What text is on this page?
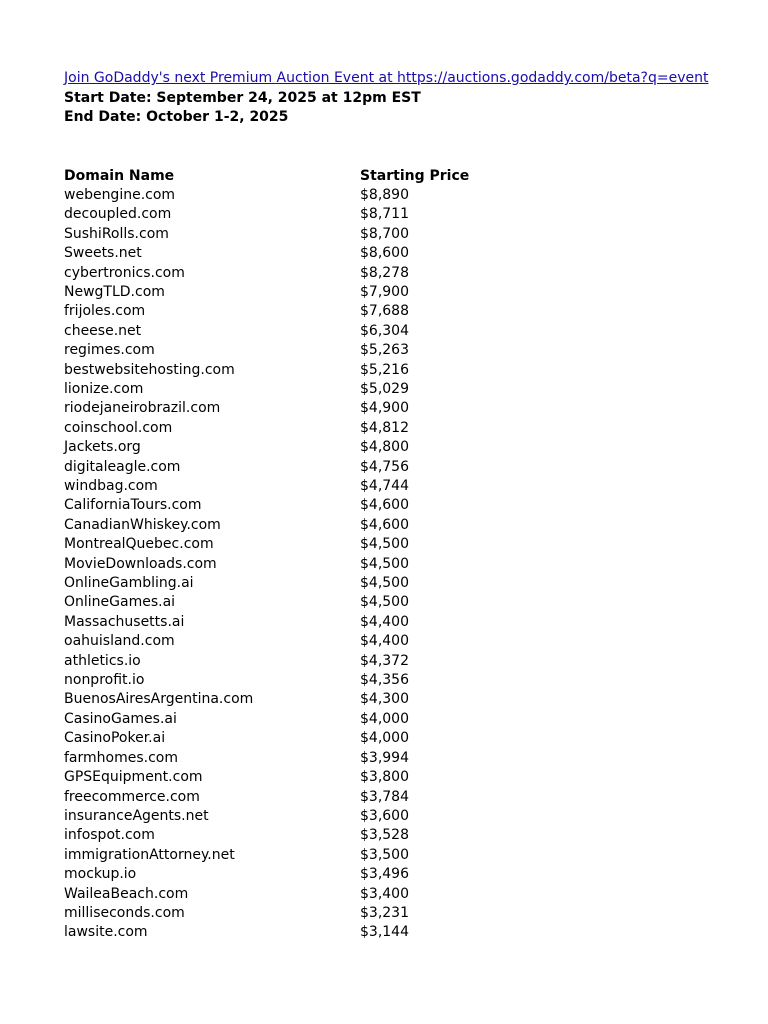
Join GoDaddy's next Premium Auction Event at https://auctions.godaddy.com/beta?q=event
Start Date: September 24, 2025 at 12pm EST
End Date: October 1-2, 2025
Domain Name	Starting Price
webengine.com	$8,890
decoupled.com	$8,711
SushiRolls.com	$8,700
Sweets.net	$8,600
cybertronics.com	$8,278
NewgTLD.com	$7,900
frijoles.com	$7,688
cheese.net	$6,304
regimes.com	$5,263
bestwebsitehosting.com	$5,216
lionize.com	$5,029
riodejaneirobrazil.com	$4,900
coinschool.com	$4,812
Jackets.org	$4,800
digitaleagle.com	$4,756
windbag.com	$4,744
CaliforniaTours.com	$4,600
CanadianWhiskey.com	$4,600
MontrealQuebec.com	$4,500
MovieDownloads.com	$4,500
OnlineGambling.ai	$4,500
OnlineGames.ai	$4,500
Massachusetts.ai	$4,400
oahuisland.com	$4,400
athletics.io	$4,372
nonprofit.io	$4,356
BuenosAiresArgentina.com	$4,300
CasinoGames.ai	$4,000
CasinoPoker.ai	$4,000
farmhomes.com	$3,994
GPSEquipment.com	$3,800
freecommerce.com	$3,784
insuranceAgents.net	$3,600
infospot.com	$3,528
immigrationAttorney.net	$3,500
mockup.io	$3,496
WaileaBeach.com	$3,400
milliseconds.com	$3,231
lawsite.com	$3,144
